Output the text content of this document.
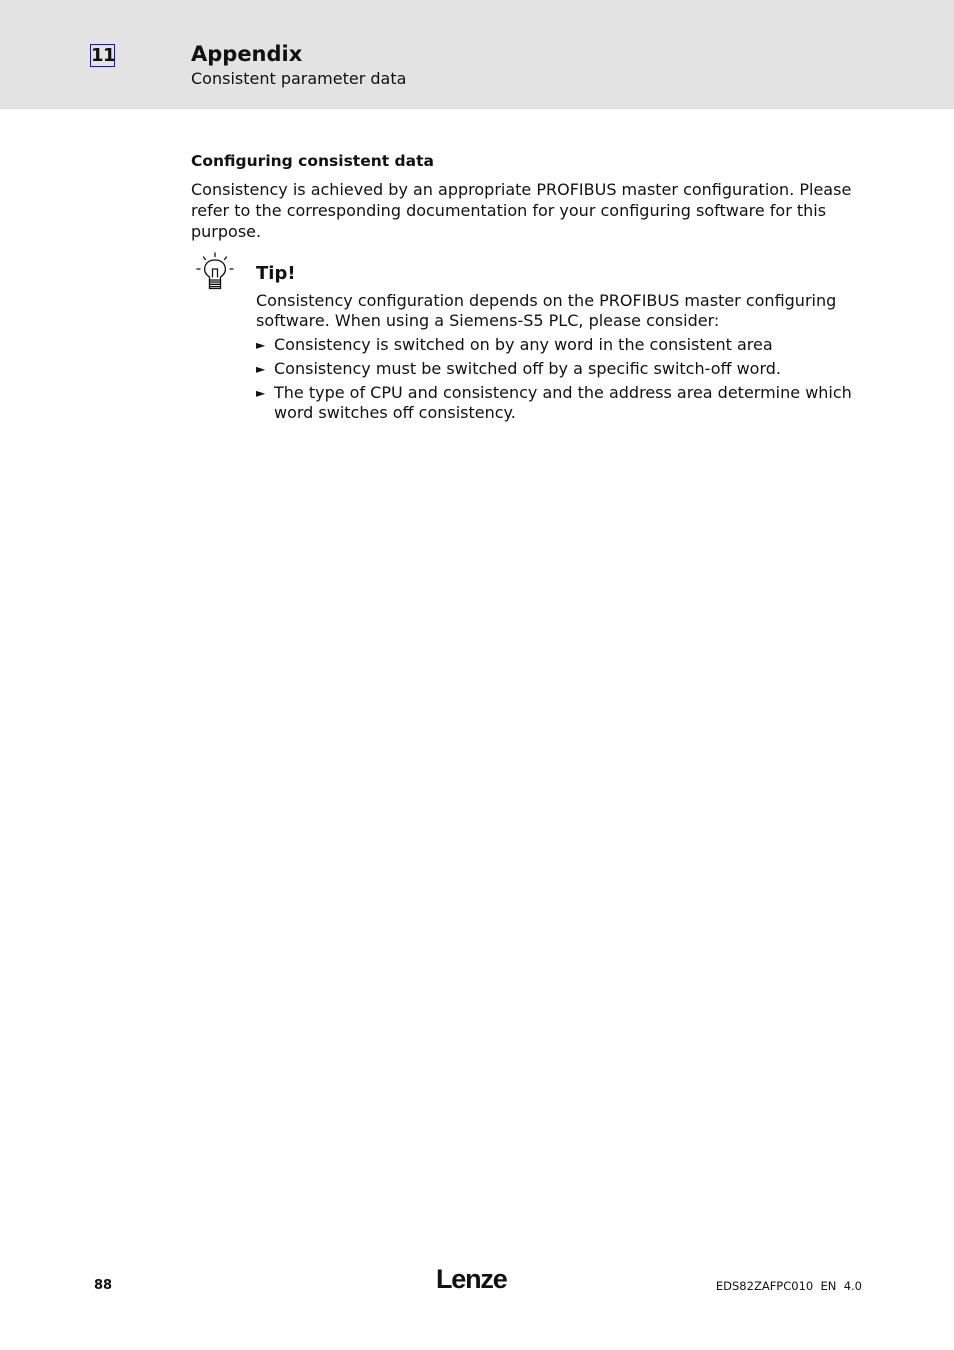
11	Appendix
Consistent parameter data
Configuring consistent data

Consistency is achieved by an appropriate PROFIBUS master configuration. Please refer to the corresponding documentation for your configuring software for this purpose.

Tip!

Consistency configuration depends on the PROFIBUS master configuring software. When using a Siemens-S5 PLC, please consider:

► Consistency is switched on by any word in the consistent area
► Consistency must be switched off by a specific switch-off word.
► The type of CPU and consistency and the address area determine which word switches off consistency.
88	Lenze	EDS82ZAFPC010  EN  4.0
